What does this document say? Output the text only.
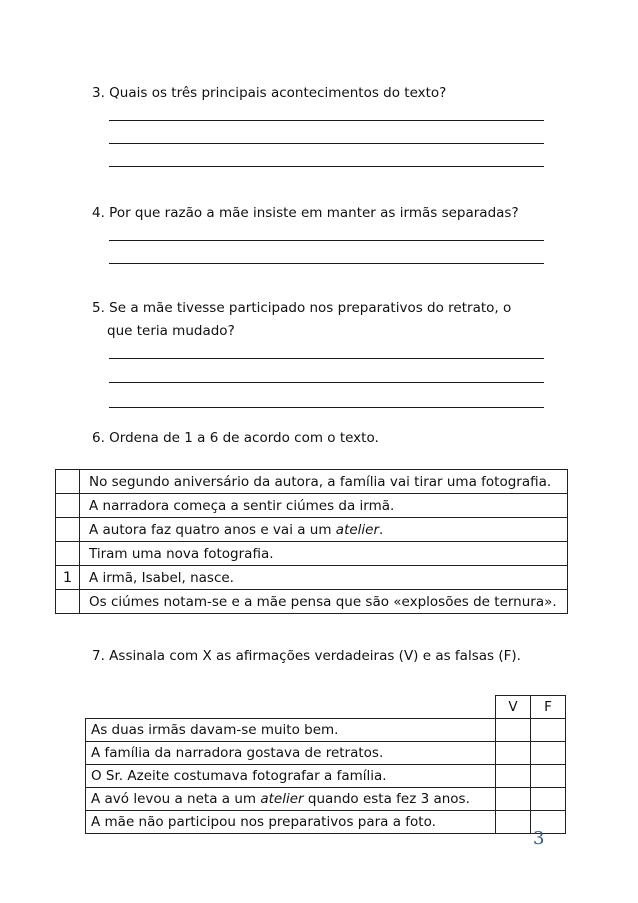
3. Quais os três principais acontecimentos do texto?
4. Por que razão a mãe insiste em manter as irmãs separadas?
5. Se a mãe tivesse participado nos preparativos do retrato, o
que teria mudado?
6. Ordena de 1 a 6 de acordo com o texto.
	No segundo aniversário da autora, a família vai tirar uma fotografia.
	A narradora começa a sentir ciúmes da irmã.
	A autora faz quatro anos e vai a um atelier.
	Tiram uma nova fotografia.
1	A irmã, Isabel, nasce.
	Os ciúmes notam-se e a mãe pensa que são «explosões de ternura».
7. Assinala com X as afirmações verdadeiras (V) e as falsas (F).
	V	F
As duas irmãs davam-se muito bem.		
A família da narradora gostava de retratos.		
O Sr. Azeite costumava fotografar a família.		
A avó levou a neta a um atelier quando esta fez 3 anos.		
A mãe não participou nos preparativos para a foto.		
3
